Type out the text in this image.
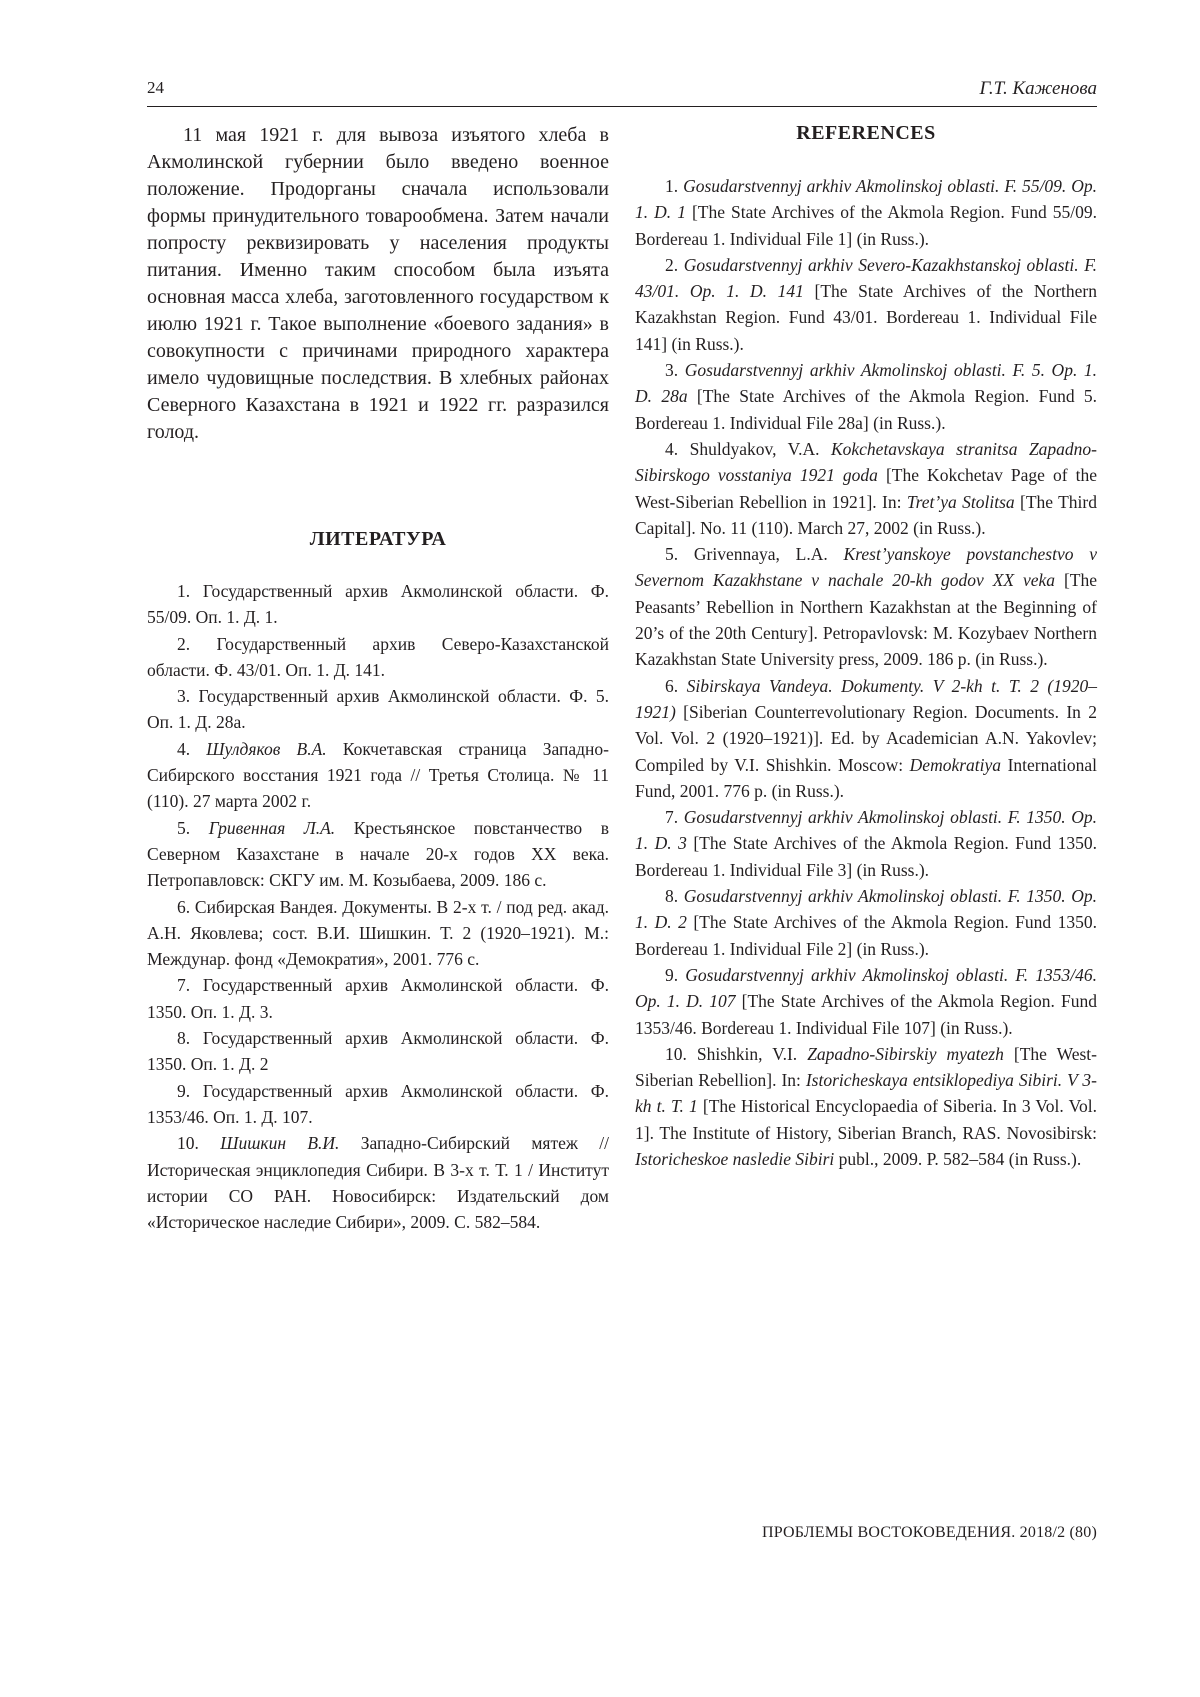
24	Г.Т. Каженова

11 мая 1921 г. для вывоза изъятого хлеба в Акмолинской губернии было введено военное положение. Продорганы сначала использовали формы принудительного товарообмена. Затем начали попросту реквизировать у населения продукты питания. Именно таким способом была изъята основная масса хлеба, заготовленного государством к июлю 1921 г. Такое выполнение «боевого задания» в совокупности с причинами природного характера имело чудовищные последствия. В хлебных районах Северного Казахстана в 1921 и 1922 гг. разразился голод.

ЛИТЕРАТУРА
1. Государственный архив Акмолинской области. Ф. 55/09. Оп. 1. Д. 1.
2. Государственный архив Северо-Казахстанской области. Ф. 43/01. Оп. 1. Д. 141.
3. Государственный архив Акмолинской области. Ф. 5. Оп. 1. Д. 28а.
4. Шулдяков В.А. Кокчетавская страница Западно-Сибирского восстания 1921 года // Третья Столица. № 11 (110). 27 марта 2002 г.
5. Гривенная Л.А. Крестьянское повстанчество в Северном Казахстане в начале 20-х годов XX века. Петропавловск: СКГУ им. М. Козыбаева, 2009. 186 с.
6. Сибирская Вандея. Документы. В 2-х т. / под ред. акад. А.Н. Яковлева; сост. В.И. Шишкин. Т. 2 (1920–1921). М.: Междунар. фонд «Демократия», 2001. 776 с.
7. Государственный архив Акмолинской области. Ф. 1350. Оп. 1. Д. 3.
8. Государственный архив Акмолинской области. Ф. 1350. Оп. 1. Д. 2
9. Государственный архив Акмолинской области. Ф. 1353/46. Оп. 1. Д. 107.
10. Шишкин В.И. Западно-Сибирский мятеж // Историческая энциклопедия Сибири. В 3-х т. Т. 1 / Институт истории СО РАН. Новосибирск: Издательский дом «Историческое наследие Сибири», 2009. С. 582–584.
REFERENCES
1. Gosudarstvennyj arkhiv Akmolinskoj oblasti. F. 55/09. Op. 1. D. 1 [The State Archives of the Akmola Region. Fund 55/09. Bordereau 1. Individual File 1] (in Russ.).
2. Gosudarstvennyj arkhiv Severo-Kazakhstanskoj oblasti. F. 43/01. Op. 1. D. 141 [The State Archives of the Northern Kazakhstan Region. Fund 43/01. Bordereau 1. Individual File 141] (in Russ.).
3. Gosudarstvennyj arkhiv Akmolinskoj oblasti. F. 5. Op. 1. D. 28a [The State Archives of the Akmola Region. Fund 5. Bordereau 1. Individual File 28a] (in Russ.).
4. Shuldyakov, V.A. Kokchetavskaya stranitsa Zapadno-Sibirskogo vosstaniya 1921 goda [The Kokchetav Page of the West-Siberian Rebellion in 1921]. In: Tret’ya Stolitsa [The Third Capital]. No. 11 (110). March 27, 2002 (in Russ.).
5. Grivennaya, L.A. Krest’yanskoye povstanchestvo v Severnom Kazakhstane v nachale 20-kh godov XX veka [The Peasants’ Rebellion in Northern Kazakhstan at the Beginning of 20’s of the 20th Century]. Petropavlovsk: M. Kozybaev Northern Kazakhstan State University press, 2009. 186 p. (in Russ.).
6. Sibirskaya Vandeya. Dokumenty. V 2-kh t. T. 2 (1920–1921) [Siberian Counterrevolutionary Region. Documents. In 2 Vol. Vol. 2 (1920–1921)]. Ed. by Academician A.N. Yakovlev; Compiled by V.I. Shishkin. Moscow: Demokratiya International Fund, 2001. 776 p. (in Russ.).
7. Gosudarstvennyj arkhiv Akmolinskoj oblasti. F. 1350. Op. 1. D. 3 [The State Archives of the Akmola Region. Fund 1350. Bordereau 1. Individual File 3] (in Russ.).
8. Gosudarstvennyj arkhiv Akmolinskoj oblasti. F. 1350. Op. 1. D. 2 [The State Archives of the Akmola Region. Fund 1350. Bordereau 1. Individual File 2] (in Russ.).
9. Gosudarstvennyj arkhiv Akmolinskoj oblasti. F. 1353/46. Op. 1. D. 107 [The State Archives of the Akmola Region. Fund 1353/46. Bordereau 1. Individual File 107] (in Russ.).
10. Shishkin, V.I. Zapadno-Sibirskiy myatezh [The West-Siberian Rebellion]. In: Istoricheskaya entsiklopediya Sibiri. V 3-kh t. T. 1 [The Historical Encyclopaedia of Siberia. In 3 Vol. Vol. 1]. The Institute of History, Siberian Branch, RAS. Novosibirsk: Istoricheskoe nasledie Sibiri publ., 2009. P. 582–584 (in Russ.).
ПРОБЛЕМЫ ВОСТОКОВЕДЕНИЯ. 2018/2 (80)
